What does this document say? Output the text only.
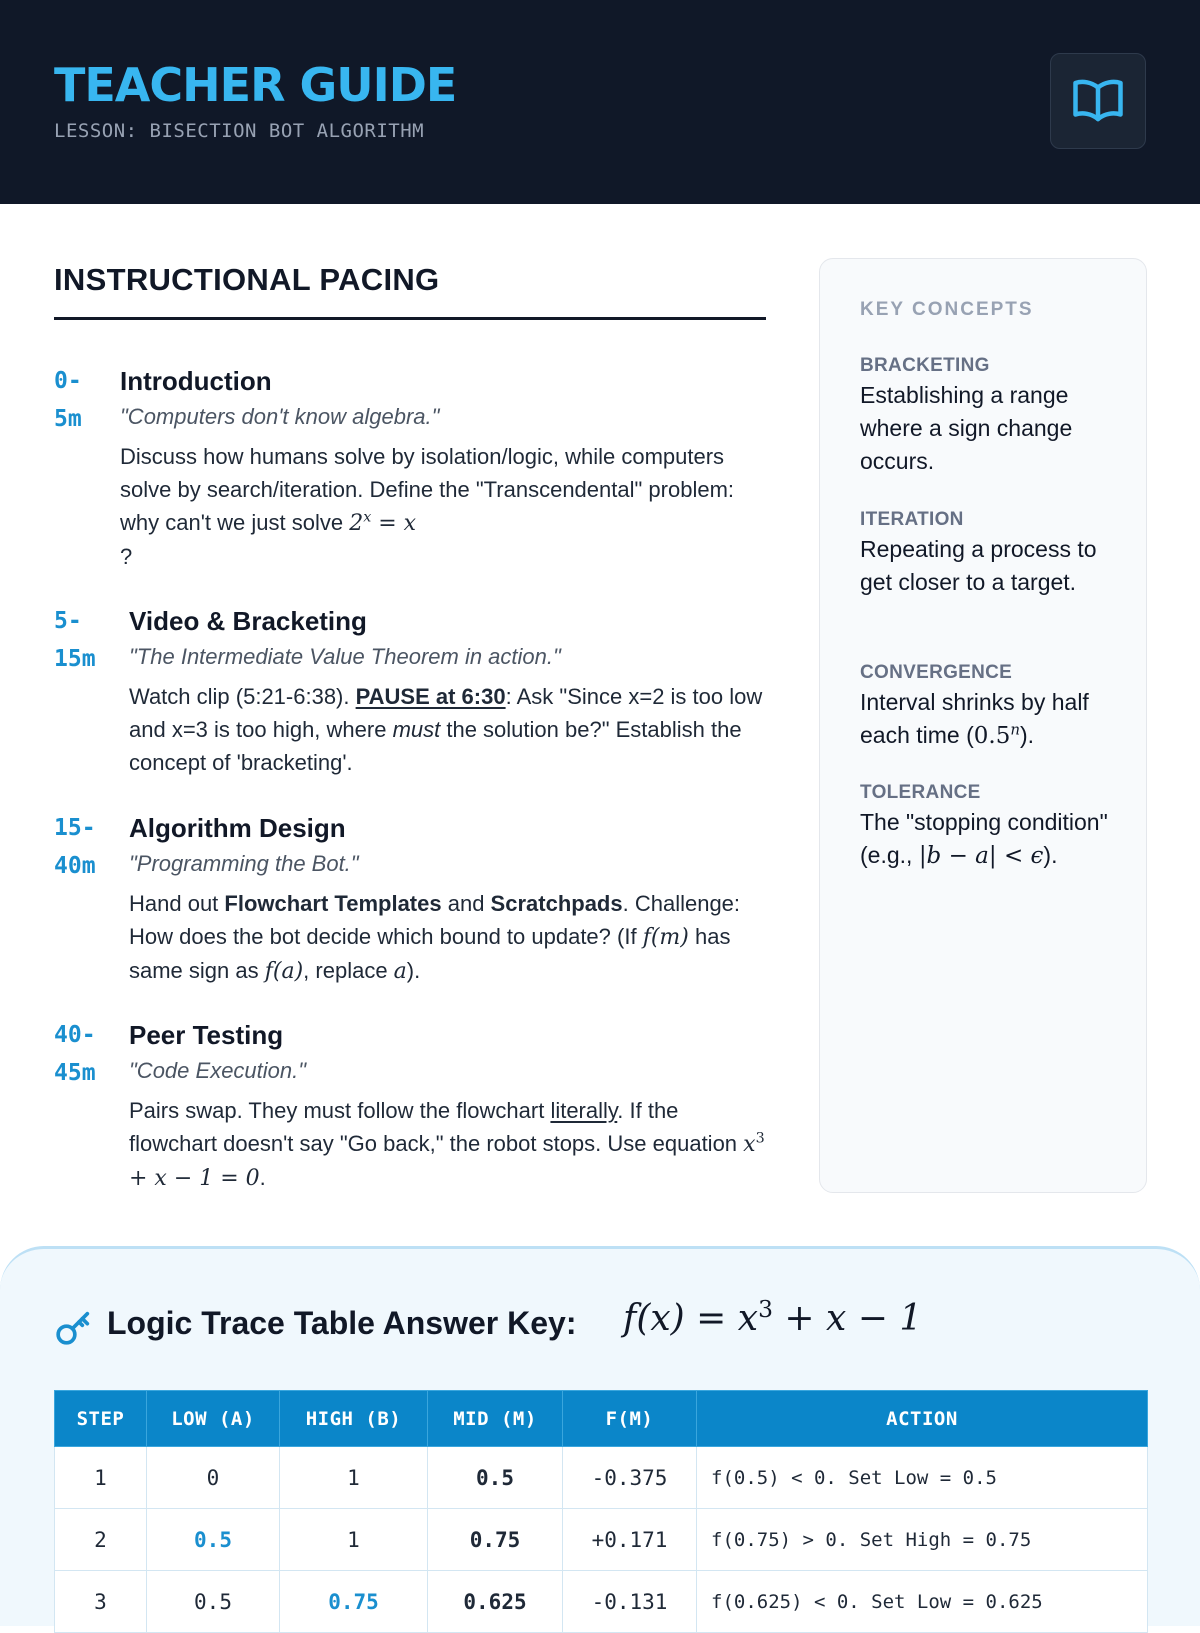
TEACHER GUIDE
LESSON: BISECTION BOT ALGORITHM
INSTRUCTIONAL PACING
0-
5m
Introduction
"Computers don't know algebra."
Discuss how humans solve by isolation/logic, while computers solve by search/iteration. Define the "Transcendental" problem: why can't we just solve $2^x = x$
?
5-
15m
Video & Bracketing
"The Intermediate Value Theorem in action."
Watch clip (5:21-6:38). PAUSE at 6:30: Ask "Since x=2 is too low and x=3 is too high, where must the solution be?" Establish the concept of 'bracketing'.
15-
40m
Algorithm Design
"Programming the Bot."
Hand out Flowchart Templates and Scratchpads. Challenge: How does the bot decide which bound to update? (If f(m) has same sign as f(a), replace a).
40-
45m
Peer Testing
"Code Execution."
Pairs swap. They must follow the flowchart literally. If the flowchart doesn't say "Go back," the robot stops. Use equation $x^3 + x - 1 = 0$.
KEY CONCEPTS
BRACKETING
Establishing a range where a sign change occurs.
ITERATION
Repeating a process to get closer to a target.
CONVERGENCE
Interval shrinks by half each time (0.5$^n$).
TOLERANCE
The "stopping condition" (e.g., |b − a| < ϵ).
Logic Trace Table Answer Key: $f(x) = x^3 + x - 1$
STEP	LOW (A)	HIGH (B)	MID (M)	F(M)	ACTION
1	0	1	0.5	-0.375	f(0.5) < 0. Set Low = 0.5
2	0.5	1	0.75	+0.171	f(0.75) > 0. Set High = 0.75
3	0.5	0.75	0.625	-0.131	f(0.625) < 0. Set Low = 0.625
